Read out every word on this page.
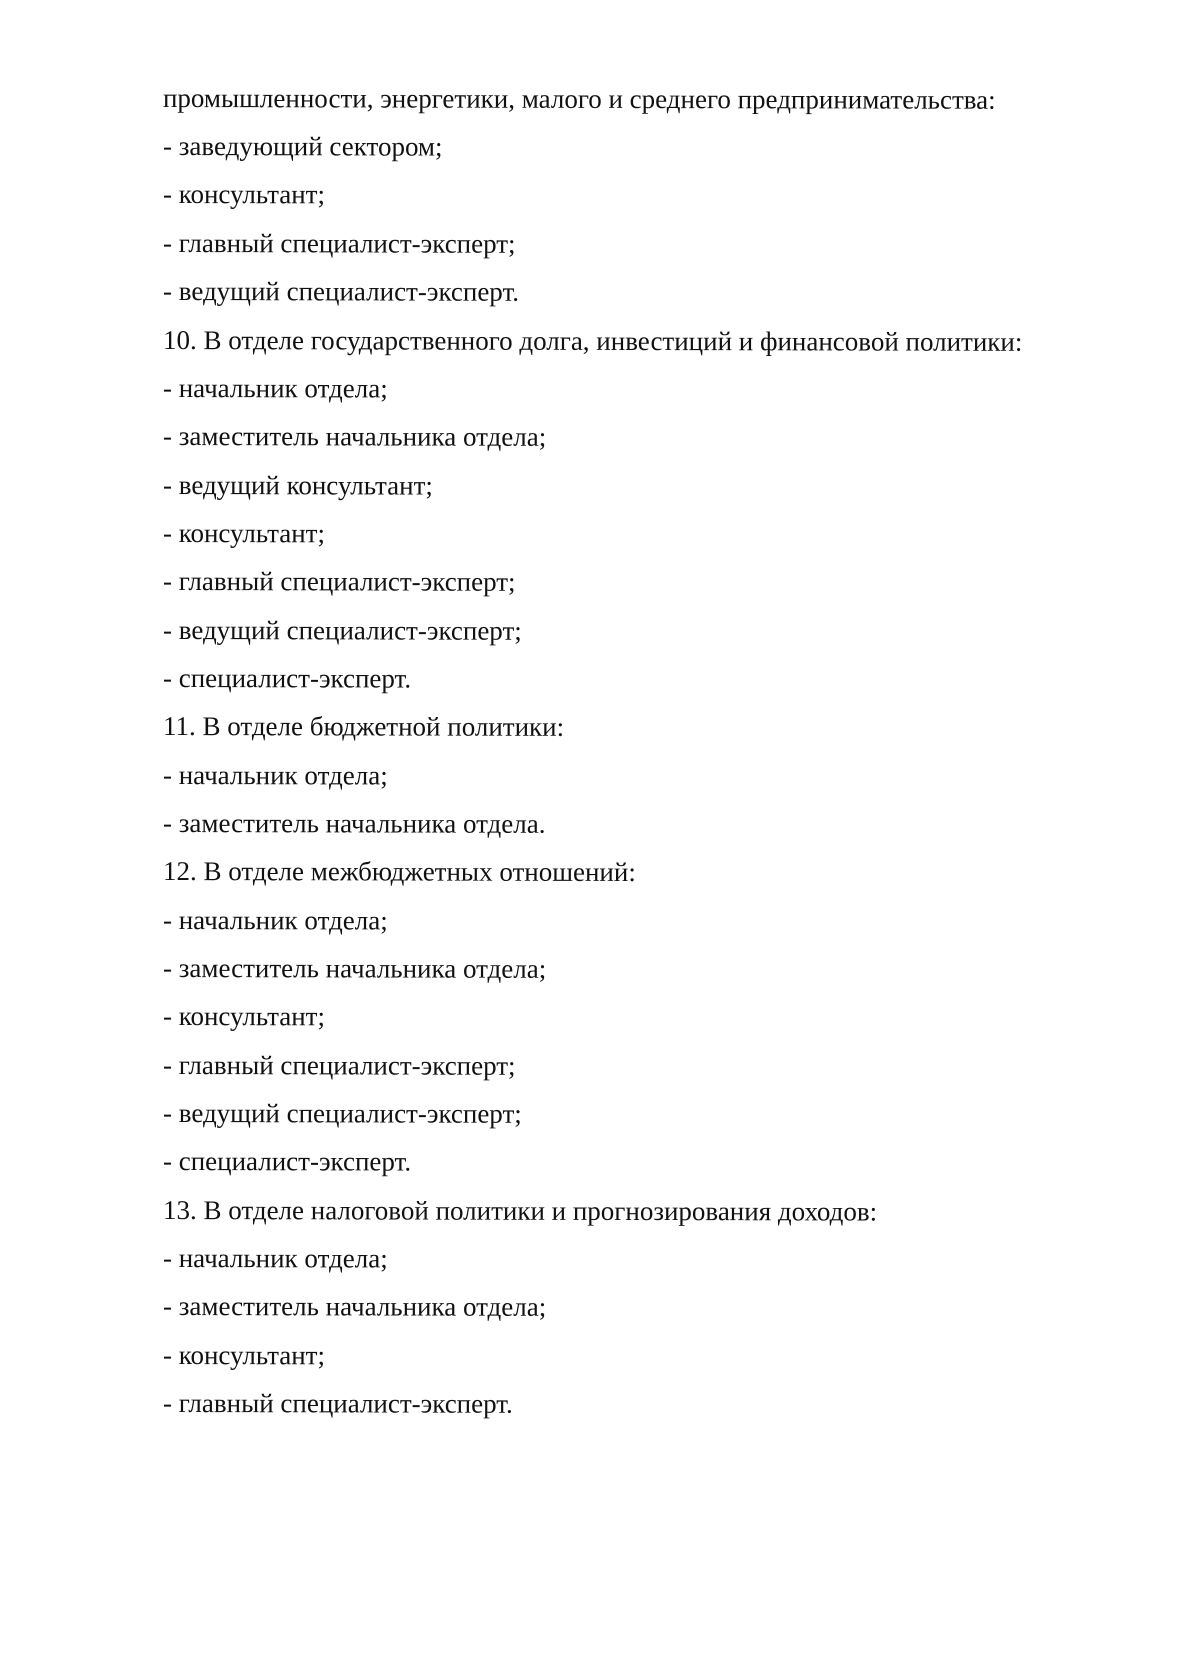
промышленности, энергетики, малого и среднего предпринимательства:
- заведующий сектором;
- консультант;
- главный специалист-эксперт;
- ведущий специалист-эксперт.
10. В отделе государственного долга, инвестиций и финансовой политики:
- начальник отдела;
- заместитель начальника отдела;
- ведущий консультант;
- консультант;
- главный специалист-эксперт;
- ведущий специалист-эксперт;
- специалист-эксперт.
11. В отделе бюджетной политики:
- начальник отдела;
- заместитель начальника отдела.
12. В отделе межбюджетных отношений:
- начальник отдела;
- заместитель начальника отдела;
- консультант;
- главный специалист-эксперт;
- ведущий специалист-эксперт;
- специалист-эксперт.
13. В отделе налоговой политики и прогнозирования доходов:
- начальник отдела;
- заместитель начальника отдела;
- консультант;
- главный специалист-эксперт.
